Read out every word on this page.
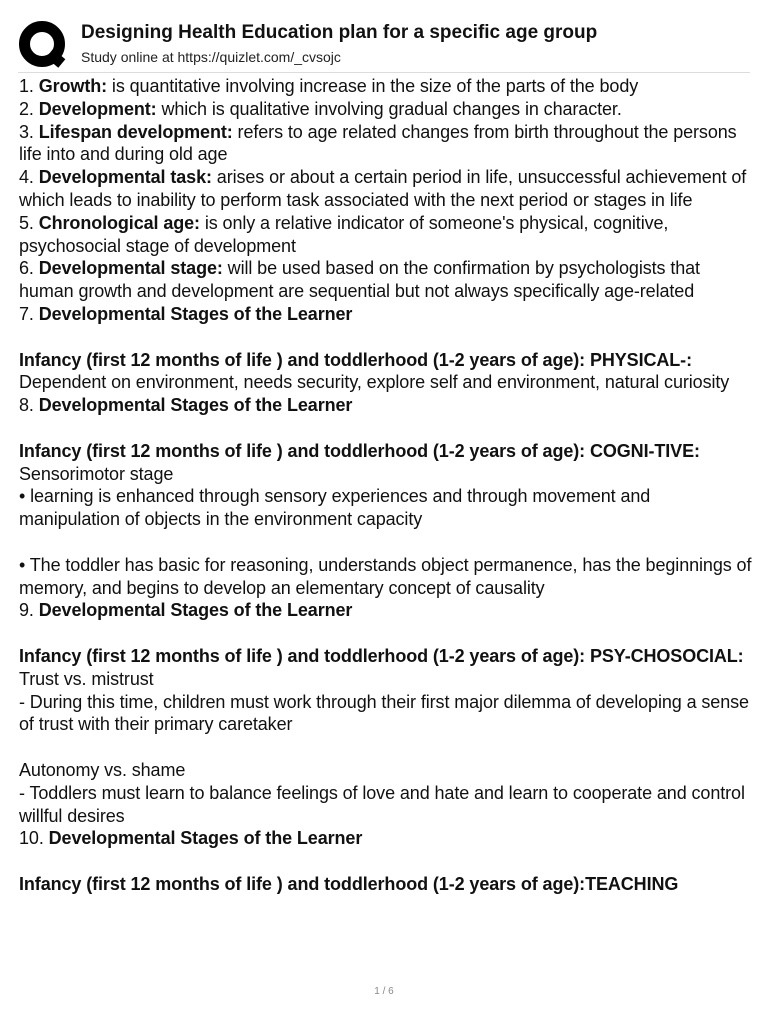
Designing Health Education plan for a specific age group
Study online at https://quizlet.com/_cvsojc

1. Growth: is quantitative involving increase in the size of the parts of the body

2. Development: which is qualitative involving gradual changes in character.

3. Lifespan development: refers to age related changes from birth throughout the persons life into and during old age

4. Developmental task: arises or about a certain period in life, unsuccessful achievement of which leads to inability to perform task associated with the next period or stages in life

5. Chronological age: is only a relative indicator of someone's physical, cognitive, psychosocial stage of development

6. Developmental stage: will be used based on the confirmation by psychologists that human growth and development are sequential but not always specifically age-related

7. Developmental Stages of the Learner

Infancy (first 12 months of life ) and toddlerhood (1-2 years of age): PHYSICAL-: Dependent on environment, needs security, explore self and environment, natural curiosity

8. Developmental Stages of the Learner

Infancy (first 12 months of life ) and toddlerhood (1-2 years of age): COGNI-TIVE: Sensorimotor stage

• learning is enhanced through sensory experiences and through movement and manipulation of objects in the environment capacity

• The toddler has basic for reasoning, understands object permanence, has the beginnings of memory, and begins to develop an elementary concept of causality

9. Developmental Stages of the Learner

Infancy (first 12 months of life ) and toddlerhood (1-2 years of age): PSY-CHOSOCIAL: Trust vs. mistrust

- During this time, children must work through their first major dilemma of developing a sense of trust with their primary caretaker

Autonomy vs. shame

- Toddlers must learn to balance feelings of love and hate and learn to cooperate and control willful desires

10. Developmental Stages of the Learner

Infancy (first 12 months of life ) and toddlerhood (1-2 years of age):TEACHING

1 / 6
